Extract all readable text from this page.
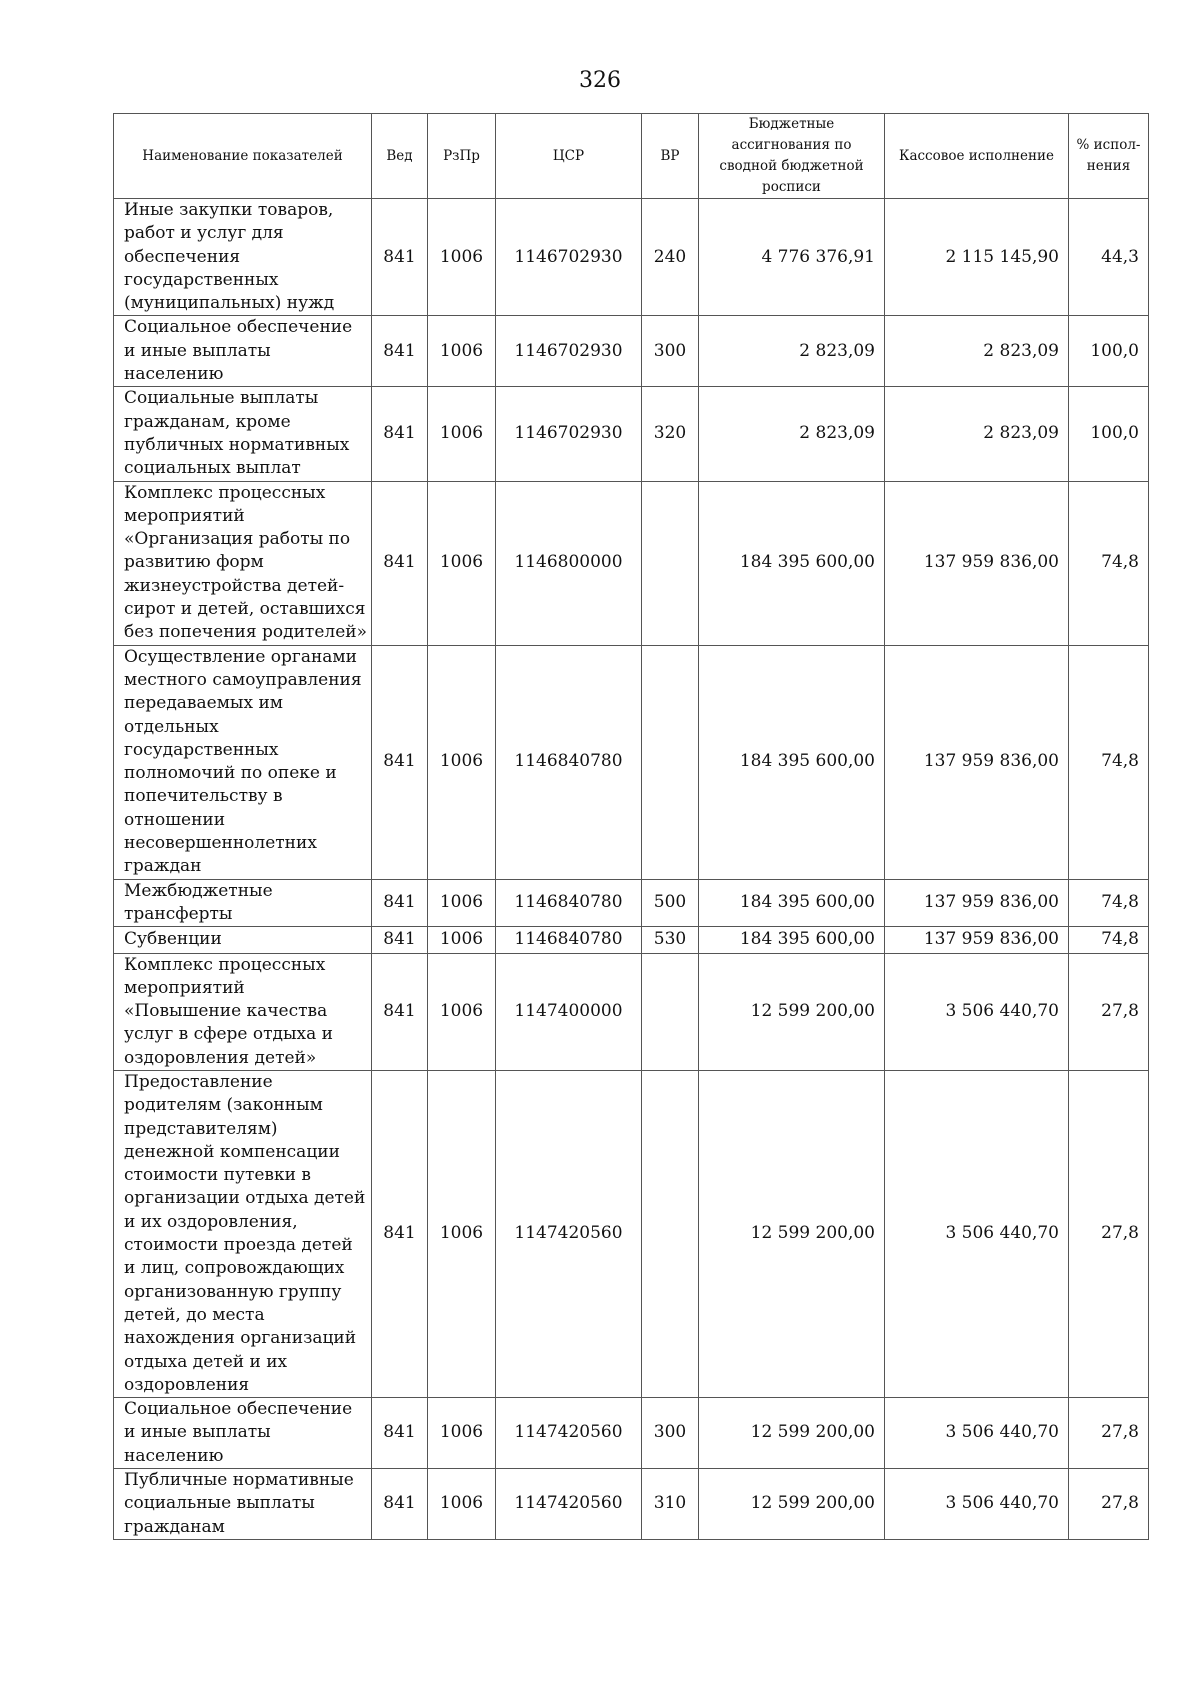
326
Наименование показателей	Вед	РзПр	ЦСР	ВР	Бюджетные ассигнования по сводной бюджетной росписи	Кассовое исполнение	% испол-нения
Иные закупки товаров, работ и услуг для обеспечения государственных (муниципальных) нужд	841	1006	1146702930	240	4 776 376,91	2 115 145,90	44,3
Социальное обеспечение и иные выплаты населению	841	1006	1146702930	300	2 823,09	2 823,09	100,0
Социальные выплаты гражданам, кроме публичных нормативных социальных выплат	841	1006	1146702930	320	2 823,09	2 823,09	100,0
Комплекс процессных мероприятий «Организация работы по развитию форм жизнеустройства детей-сирот и детей, оставшихся без попечения родителей»	841	1006	1146800000		184 395 600,00	137 959 836,00	74,8
Осуществление органами местного самоуправления передаваемых им отдельных государственных полномочий по опеке и попечительству в отношении несовершеннолетних граждан	841	1006	1146840780		184 395 600,00	137 959 836,00	74,8
Межбюджетные трансферты	841	1006	1146840780	500	184 395 600,00	137 959 836,00	74,8
Субвенции	841	1006	1146840780	530	184 395 600,00	137 959 836,00	74,8
Комплекс процессных мероприятий «Повышение качества услуг в сфере отдыха и оздоровления детей»	841	1006	1147400000		12 599 200,00	3 506 440,70	27,8
Предоставление родителям (законным представителям) денежной компенсации стоимости путевки в организации отдыха детей и их оздоровления, стоимости проезда детей и лиц, сопровождающих организованную группу детей, до места нахождения организаций отдыха детей и их оздоровления	841	1006	1147420560		12 599 200,00	3 506 440,70	27,8
Социальное обеспечение и иные выплаты населению	841	1006	1147420560	300	12 599 200,00	3 506 440,70	27,8
Публичные нормативные социальные выплаты гражданам	841	1006	1147420560	310	12 599 200,00	3 506 440,70	27,8
